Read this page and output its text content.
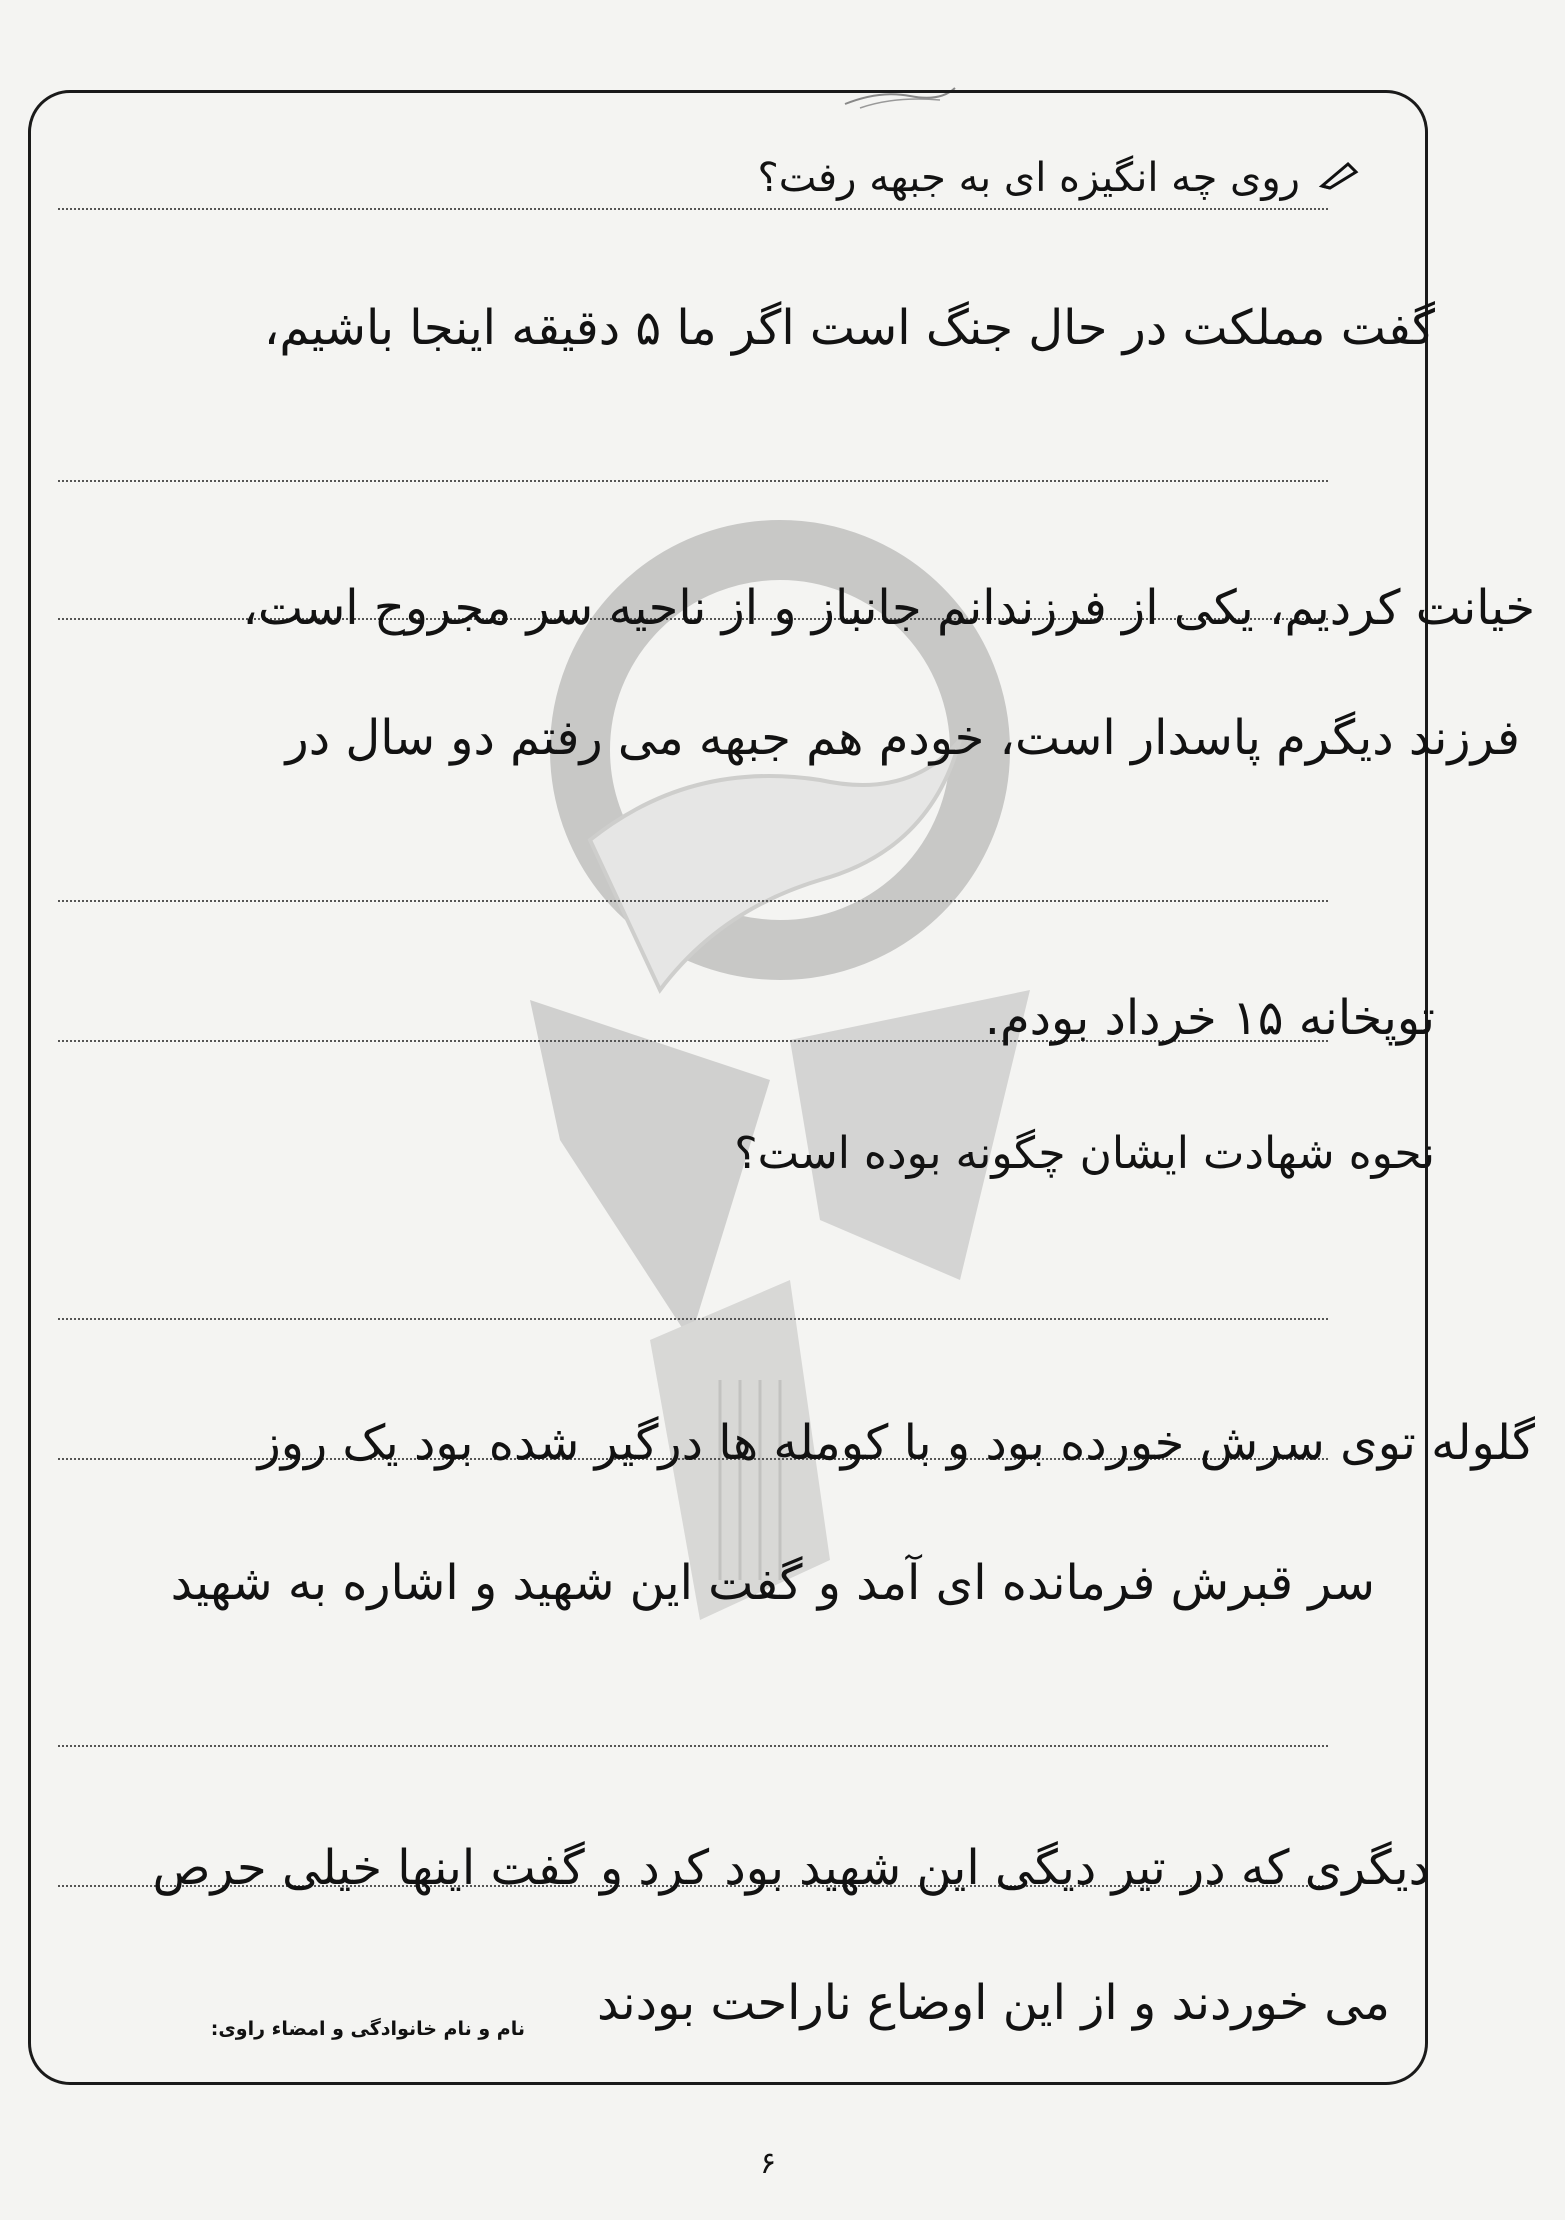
روی چه انگیزه ای به جبهه رفت؟
گفت مملکت در حال جنگ است اگر ما ۵ دقیقه اینجا باشیم،
خیانت کردیم، یکی از فرزندانم جانباز و از ناحیه سر مجروح است،
فرزند دیگرم پاسدار است، خودم هم جبهه می رفتم دو سال در
توپخانه ۱۵ خرداد بودم.
نحوه شهادت ایشان چگونه بوده است؟
گلوله توی سرش خورده بود و با کومله ها درگیر شده بود یک روز
سر قبرش فرمانده ای آمد و گفت این شهید و اشاره به شهید
دیگری که در تیر دیگی این شهید بود کرد و گفت اینها خیلی حرص
می خوردند و از این اوضاع ناراحت بودند
نام و نام خانوادگی و امضاء راوی:
۶
